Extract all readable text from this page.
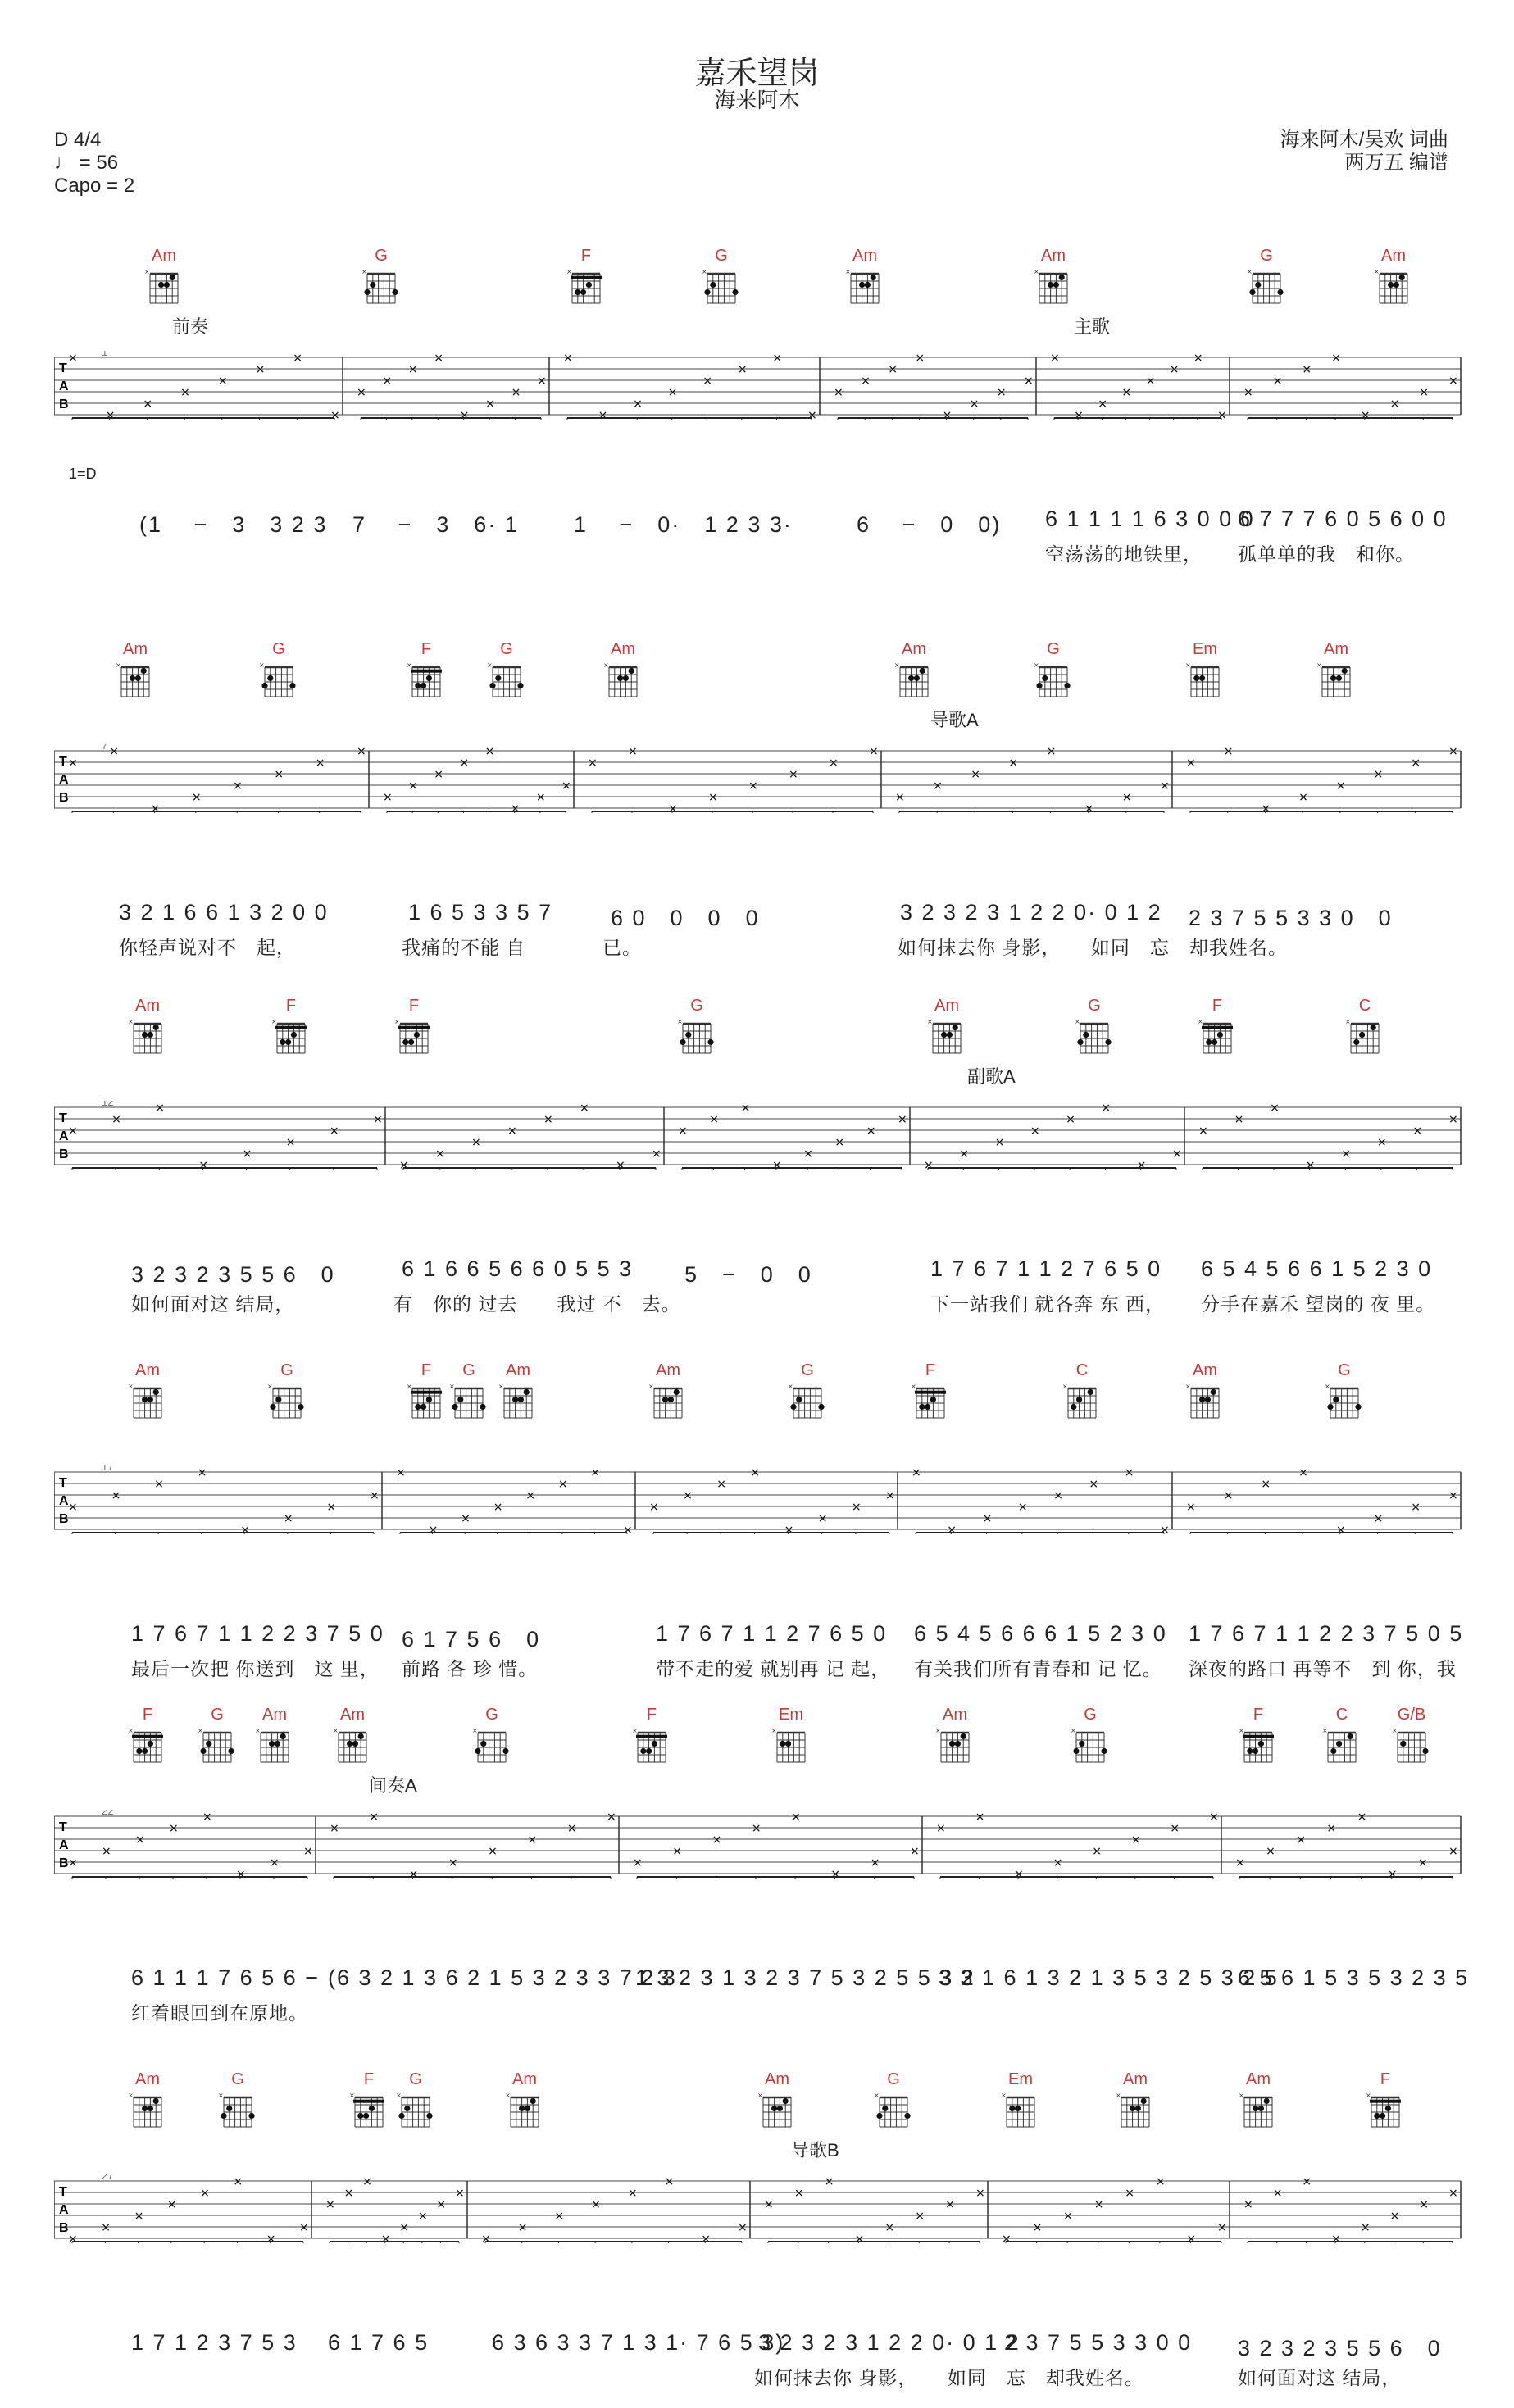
嘉禾望岗
海来阿木
D 4/4
♩ = 56
Capo = 2
海来阿木/吴欢 词曲
两万五 编谱
Am
×
G
×
F
×
G
×
Am
×
Am
×
G
×
Am
×
前奏	主歌
T
A
B
1
×
×
×
×
×
×
×
×
×
×
×
×
×
×
×
×
×
×
×
×
×
×
×
×
×
×
×
×
×
×
×
×
×
×
×
×
×
×
×
×
×
×
×
×
×
×
×
×
1=D
(1　 −　3　3 2 3 7　 −　3　6· 1 1　 −　0·　1 2 3 3·	6　 −　0　0) 6 1 1 1 1 6 3 0 0 0
6 7 7 7 6 0 5 6 0 0
空荡荡的地铁里， 孤单单的我　和你。
Am
×
G
×
F
×
G
×
Am
×
Am
×
G
×
Em
×
Am
×
导歌A
T
A
B
7
×
×
×
×
×
×
×
×
×
×
×
×
×
×
×
×
×
×
×
×
×
×
×
×
×
×
×
×
×
×
×
×
×
×
×
×
×
×
×
×
3 2 1 6 6 1 3 2 0 0	1 6 5 3 3 5 7	6 0　0　0　0	3 2 3 2 3 1 2 2 0· 0 1 2 2 3 7 5 5 3 3 0　0
你轻声说对不　起，	我痛的不能 自	已。	如何抹去你 身影，　　如同　忘　却我姓名。
Am
×
F
×
F
×
G
×
Am
×
G
×
F
×
C
×
副歌A
T
A
B
12
×
×
×
×
×
×
×
×
×
×
×
×
×
×
×
×
×
×
×
×
×
×
×
×
×
×
×
×
×
×
×
×
×
×
×
×
×
×
×
×
3 2 3 2 3 5 5 6　0	6 1 6 6 5 6 6 0 5 5 3 5　−　0　0	1 7 6 7 1 1 2 7 6 5 0 6 5 4 5 6 6 1 5 2 3 0
如何面对这 结局，	有　你的 过去　　我过 不　去。	下一站我们 就各奔 东 西， 分手在嘉禾 望岗的 夜 里。
Am
×
G
×
F
×
G
×
Am
×
Am
×
G
×
F
×
C
×
Am
×
G
×
T
A
B
17
×
×
×
×
×
×
×
×
×
×
×
×
×
×
×
×
×
×
×
×
×
×
×
×
×
×
×
×
×
×
×
×
×
×
×
×
×
×
×
×
1 7 6 7 1 1 2 2 3 7 5 0 6 1 7 5 6　0	1 7 6 7 1 1 2 7 6 5 0 6 5 4 5 6 6 6 1 5 2 3 0 1 7 6 7 1 1 2 2 3 7 5 0 5
最后一次把 你送到　这 里， 前路 各 珍 惜。	带不走的爱 就别再 记 起， 有关我们所有青春和 记 忆。 深夜的路口 再等不　到 你，我
F
×
G
×
Am
×
Am
×
G
×
F
×
Em
×
Am
×
G
×
F
×
C
×
G/B
×
间奏A
T
A
B
22
×
×
×
×
×
×
×
×
×
×
×
×
×
×
×
×
×
×
×
×
×
×
×
×
×
×
×
×
×
×
×
×
×
×
×
×
×
×
×
×
6 1 1 1 7 6 5 6 − (6 3 2 1 3 6 2 1 5 3 2 3 3 7 2 3
1 3 2 3 1 3 2 3 7 5 3 2 5 5 3 2
3 3 1 6 1 3 2 1 3 5 3 2 5 3 2 5
6 5 6 1 5 3 5 3 2 3 5
红着眼回到在原地。
Am
×
G
×
F
×
G
×
Am
×
Am
×
G
×
Em
×
Am
×
Am
×
F
×
导歌B
T
A
B
27
×
×
×
×
×
×
×
×
×
×
×
×
×
×
×
×
×
×
×
×
×
×
×
×
×
×
×
×
×
×
×
×
×
×
×
×
×
×
×
×
×
×
×
×
×
×
×
×
1 7 1 2 3 7 5 3 6 1 7 6 5	6 3 6 3 3 7 1 3 1· 7 6 5 3)
3 2 3 2 3 1 2 2 0· 0 1 2
2 3 7 5 5 3 3 0 0 3 2 3 2 3 5 5 6　0
如何抹去你 身影，　　如同　忘　却我姓名。	如何面对这 结局，
